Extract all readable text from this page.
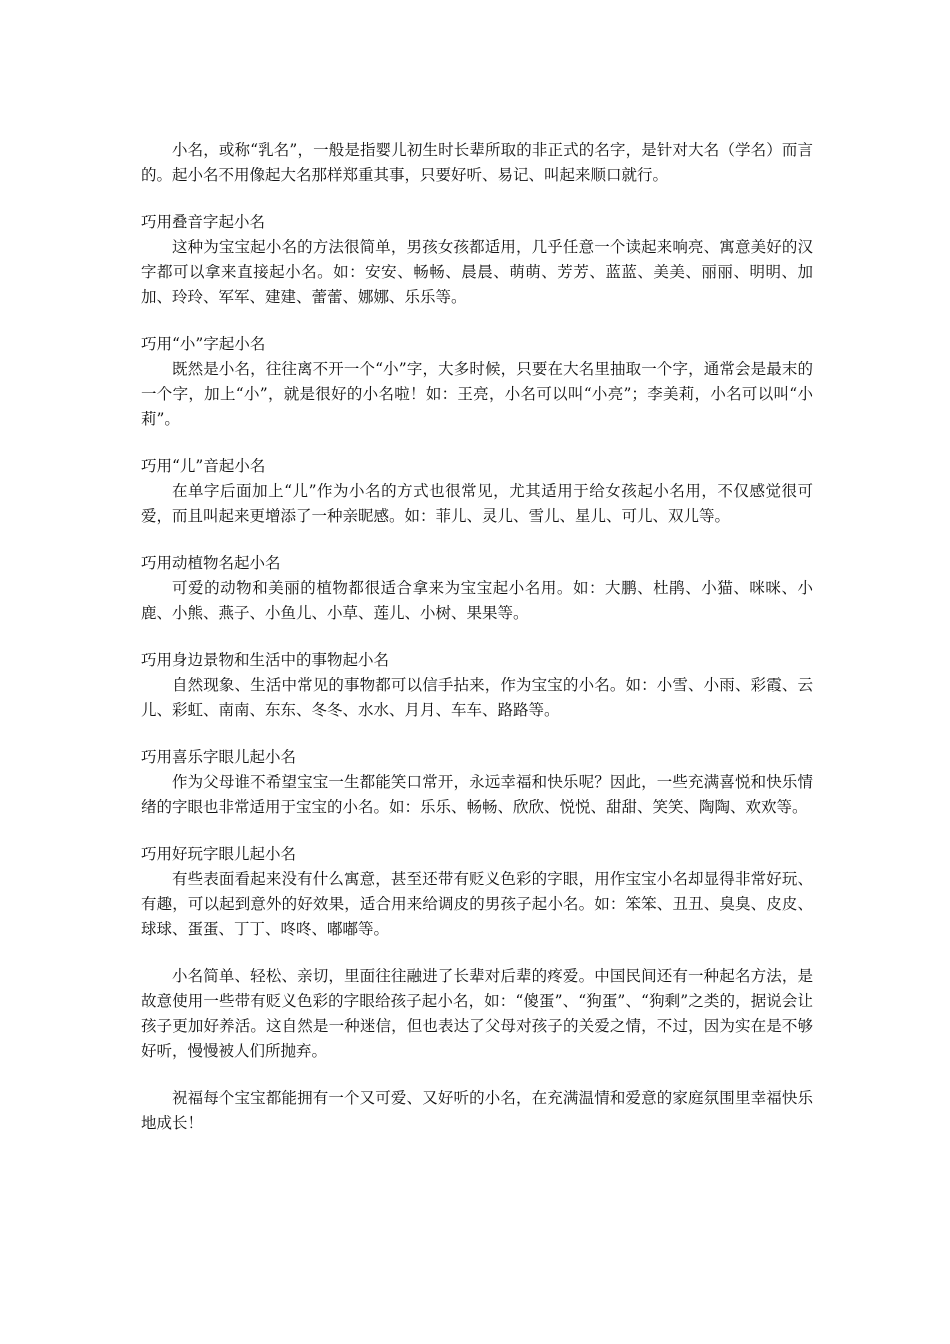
小名，或称“乳名”，一般是指婴儿初生时长辈所取的非正式的名字，是针对大名（学名）而言的。起小名不用像起大名那样郑重其事，只要好听、易记、叫起来顺口就行。

巧用叠音字起小名

这种为宝宝起小名的方法很简单，男孩女孩都适用，几乎任意一个读起来响亮、寓意美好的汉字都可以拿来直接起小名。如：安安、畅畅、晨晨、萌萌、芳芳、蓝蓝、美美、丽丽、明明、加加、玲玲、军军、建建、蕾蕾、娜娜、乐乐等。

巧用“小”字起小名

既然是小名，往往离不开一个“小”字，大多时候，只要在大名里抽取一个字，通常会是最末的一个字，加上“小”，就是很好的小名啦！如：王亮，小名可以叫“小亮”；李美莉，小名可以叫“小莉”。

巧用“儿”音起小名

在单字后面加上“儿”作为小名的方式也很常见，尤其适用于给女孩起小名用，不仅感觉很可爱，而且叫起来更增添了一种亲昵感。如：菲儿、灵儿、雪儿、星儿、可儿、双儿等。

巧用动植物名起小名

可爱的动物和美丽的植物都很适合拿来为宝宝起小名用。如：大鹏、杜鹃、小猫、咪咪、小鹿、小熊、燕子、小鱼儿、小草、莲儿、小树、果果等。

巧用身边景物和生活中的事物起小名

自然现象、生活中常见的事物都可以信手拈来，作为宝宝的小名。如：小雪、小雨、彩霞、云儿、彩虹、南南、东东、冬冬、水水、月月、车车、路路等。

巧用喜乐字眼儿起小名

作为父母谁不希望宝宝一生都能笑口常开，永远幸福和快乐呢？因此，一些充满喜悦和快乐情绪的字眼也非常适用于宝宝的小名。如：乐乐、畅畅、欣欣、悦悦、甜甜、笑笑、陶陶、欢欢等。

巧用好玩字眼儿起小名

有些表面看起来没有什么寓意，甚至还带有贬义色彩的字眼，用作宝宝小名却显得非常好玩、有趣，可以起到意外的好效果，适合用来给调皮的男孩子起小名。如：笨笨、丑丑、臭臭、皮皮、球球、蛋蛋、丁丁、咚咚、嘟嘟等。

小名简单、轻松、亲切，里面往往融进了长辈对后辈的疼爱。中国民间还有一种起名方法，是故意使用一些带有贬义色彩的字眼给孩子起小名，如：“傻蛋”、“狗蛋”、“狗剩”之类的，据说会让孩子更加好养活。这自然是一种迷信，但也表达了父母对孩子的关爱之情，不过，因为实在是不够好听，慢慢被人们所抛弃。

祝福每个宝宝都能拥有一个又可爱、又好听的小名，在充满温情和爱意的家庭氛围里幸福快乐地成长！
